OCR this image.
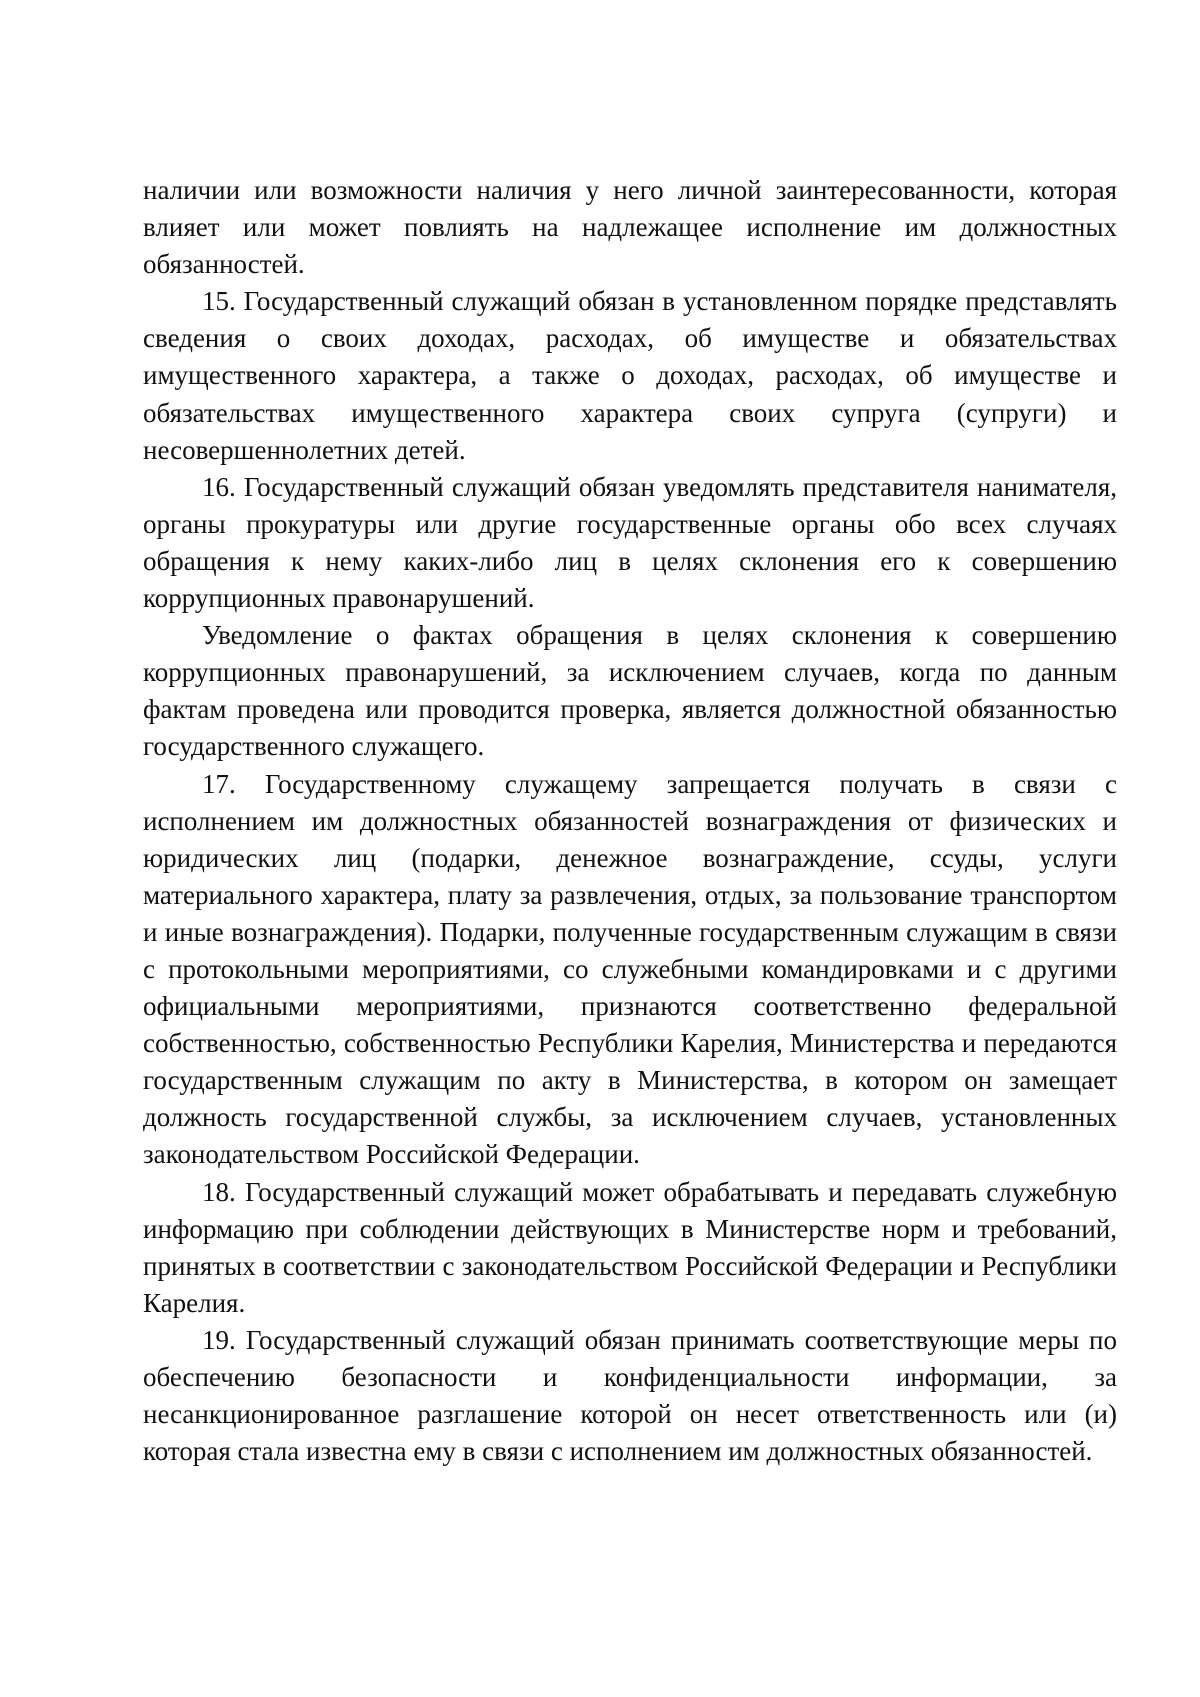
наличии или возможности наличия у него личной заинтересованности, которая влияет или может повлиять на надлежащее исполнение им должностных обязанностей.

15. Государственный служащий обязан в установленном порядке представлять сведения о своих доходах, расходах, об имуществе и обязательствах имущественного характера, а также о доходах, расходах, об имуществе и обязательствах имущественного характера своих супруга (супруги) и несовершеннолетних детей.

16. Государственный служащий обязан уведомлять представителя нанимателя, органы прокуратуры или другие государственные органы обо всех случаях обращения к нему каких-либо лиц в целях склонения его к совершению коррупционных правонарушений.

Уведомление о фактах обращения в целях склонения к совершению коррупционных правонарушений, за исключением случаев, когда по данным фактам проведена или проводится проверка, является должностной обязанностью государственного служащего.

17. Государственному служащему запрещается получать в связи с исполнением им должностных обязанностей вознаграждения от физических и юридических лиц (подарки, денежное вознаграждение, ссуды, услуги материального характера, плату за развлечения, отдых, за пользование транспортом и иные вознаграждения). Подарки, полученные государственным служащим в связи с протокольными мероприятиями, со служебными командировками и с другими официальными мероприятиями, признаются соответственно федеральной собственностью, собственностью Республики Карелия, Министерства и передаются государственным служащим по акту в Министерства, в котором он замещает должность государственной службы, за исключением случаев, установленных законодательством Российской Федерации.

18. Государственный служащий может обрабатывать и передавать служебную информацию при соблюдении действующих в Министерстве норм и требований, принятых в соответствии с законодательством Российской Федерации и Республики Карелия.

19. Государственный служащий обязан принимать соответствующие меры по обеспечению безопасности и конфиденциальности информации, за несанкционированное разглашение которой он несет ответственность или (и) которая стала известна ему в связи с исполнением им должностных обязанностей.
